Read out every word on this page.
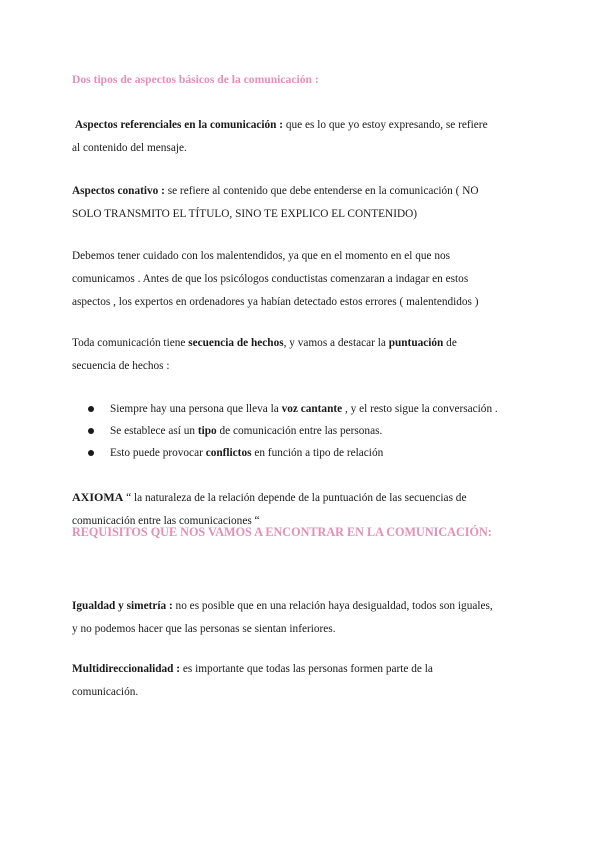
Dos tipos de aspectos básicos de la comunicación :
Aspectos referenciales en la comunicación : que es lo que yo estoy expresando, se refiere
al contenido del mensaje.
Aspectos conativo : se refiere al contenido que debe entenderse en la comunicación ( NO
SOLO TRANSMITO EL TÍTULO, SINO TE EXPLICO EL CONTENIDO)
Debemos tener cuidado con los malentendidos, ya que en el momento en el que nos
comunicamos . Antes de que los psicólogos conductistas comenzaran a indagar en estos
aspectos , los expertos en ordenadores ya habían detectado estos errores ( malentendidos )
Toda comunicación tiene secuencia de hechos, y vamos a destacar la puntuación de
secuencia de hechos :
Siempre hay una persona que lleva la voz cantante , y el resto sigue la conversación .
Se establece así un tipo de comunicación entre las personas.
Esto puede provocar conflictos en función a tipo de relación
AXIOMA “ la naturaleza de la relación depende de la puntuación de las secuencias de
comunicación entre las comunicaciones “
REQUISITOS QUE NOS VAMOS A ENCONTRAR EN LA COMUNICACIÓN:
Igualdad y simetría : no es posible que en una relación haya desigualdad, todos son iguales,
y no podemos hacer que las personas se sientan inferiores.
Multidireccionalidad : es importante que todas las personas formen parte de la
comunicación.
